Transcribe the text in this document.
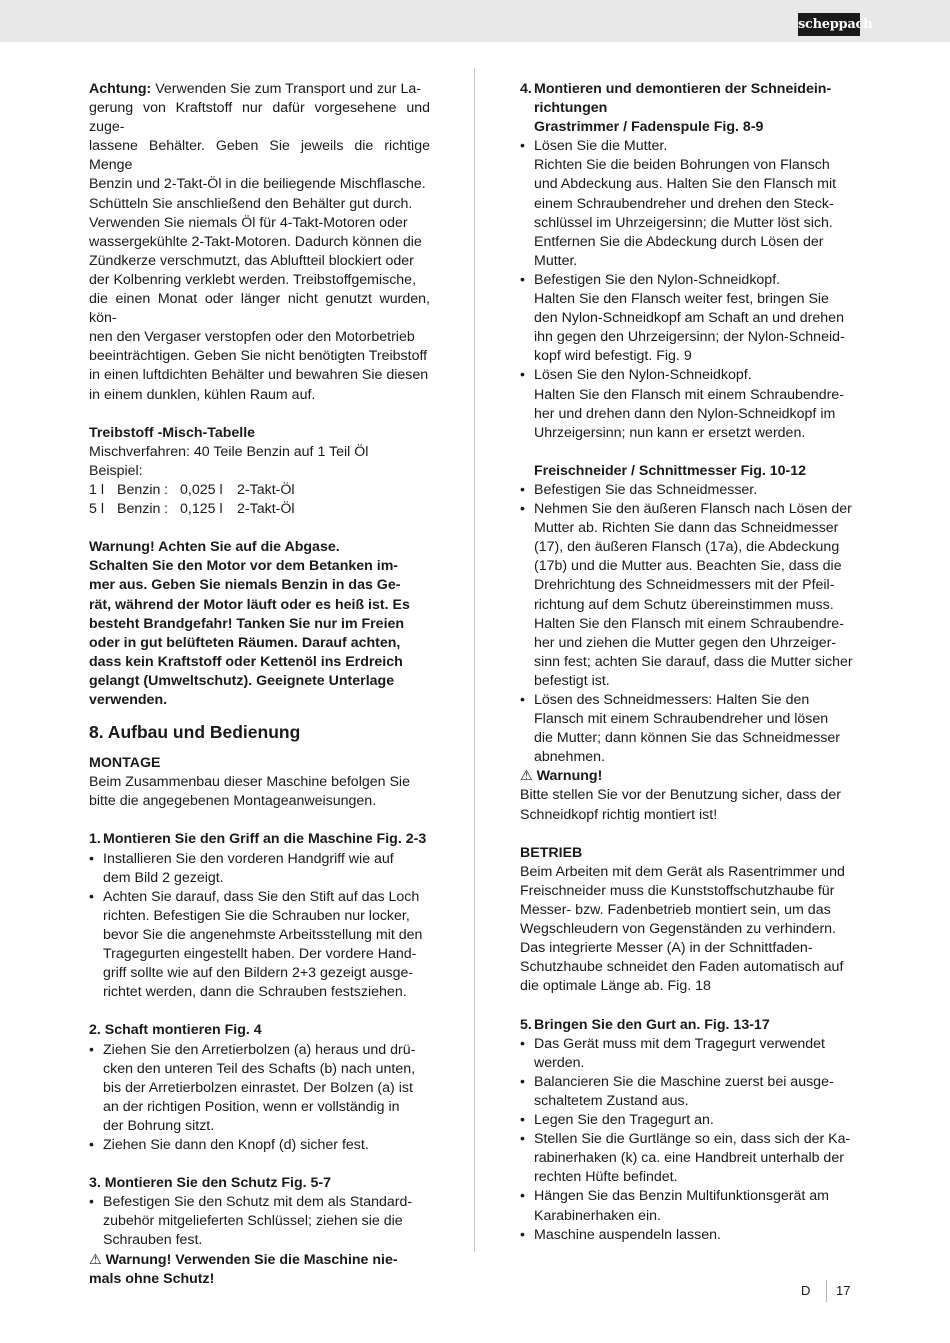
scheppach
Achtung: Verwenden Sie zum Transport und zur La-
gerung von Kraftstoff nur dafür vorgesehene und zuge-
lassene Behälter. Geben Sie jeweils die richtige Menge
Benzin und 2-Takt-Öl in die beiliegende Mischflasche.
Schütteln Sie anschließend den Behälter gut durch.
Verwenden Sie niemals Öl für 4-Takt-Motoren oder
wassergekühlte 2-Takt-Motoren. Dadurch können die
Zündkerze verschmutzt, das Abluftteil blockiert oder
der Kolbenring verklebt werden. Treibstoffgemische,
die einen Monat oder länger nicht genutzt wurden, kön-
nen den Vergaser verstopfen oder den Motorbetrieb
beeinträchtigen. Geben Sie nicht benötigten Treibstoff
in einen luftdichten Behälter und bewahren Sie diesen
in einem dunklen, kühlen Raum auf.
Treibstoff -Misch-Tabelle
Mischverfahren: 40 Teile Benzin auf 1 Teil Öl
Beispiel:
1 l Benzin : 0,025 l	2-Takt-Öl
5 l Benzin : 0,125 l	2-Takt-Öl
Warnung! Achten Sie auf die Abgase.
Schalten Sie den Motor vor dem Betanken im-
mer aus. Geben Sie niemals Benzin in das Ge-
rät, während der Motor läuft oder es heiß ist. Es
besteht Brandgefahr! Tanken Sie nur im Freien
oder in gut belüfteten Räumen. Darauf achten,
dass kein Kraftstoff oder Kettenöl ins Erdreich
gelangt (Umweltschutz). Geeignete Unterlage
verwenden.
8. Aufbau und Bedienung
MONTAGE
Beim Zusammenbau dieser Maschine befolgen Sie
bitte die angegebenen Montageanweisungen.
1. Montieren Sie den Griff an die Maschine Fig. 2-3
• Installieren Sie den vorderen Handgriff wie auf
dem Bild 2 gezeigt.
• Achten Sie darauf, dass Sie den Stift auf das Loch
richten. Befestigen Sie die Schrauben nur locker,
bevor Sie die angenehmste Arbeitsstellung mit den
Tragegurten eingestellt haben. Der vordere Hand-
griff sollte wie auf den Bildern 2+3 gezeigt ausge-
richtet werden, dann die Schrauben festsziehen.
2. Schaft montieren Fig. 4
• Ziehen Sie den Arretierbolzen (a) heraus und drü-
cken den unteren Teil des Schafts (b) nach unten,
bis der Arretierbolzen einrastet. Der Bolzen (a) ist
an der richtigen Position, wenn er vollständig in
der Bohrung sitzt.
• Ziehen Sie dann den Knopf (d) sicher fest.
3. Montieren Sie den Schutz Fig. 5-7
• Befestigen Sie den Schutz mit dem als Standard-
zubehör mitgelieferten Schlüssel; ziehen sie die
Schrauben fest.
⚠ Warnung! Verwenden Sie die Maschine nie-
mals ohne Schutz!
4. Montieren und demontieren der Schneidein-
richtungen
Grastrimmer / Fadenspule Fig. 8-9
• Lösen Sie die Mutter.
Richten Sie die beiden Bohrungen von Flansch
und Abdeckung aus. Halten Sie den Flansch mit
einem Schraubendreher und drehen den Steck-
schlüssel im Uhrzeigersinn; die Mutter löst sich.
Entfernen Sie die Abdeckung durch Lösen der
Mutter.
• Befestigen Sie den Nylon-Schneidkopf.
Halten Sie den Flansch weiter fest, bringen Sie
den Nylon-Schneidkopf am Schaft an und drehen
ihn gegen den Uhrzeigersinn; der Nylon-Schneid-
kopf wird befestigt. Fig. 9
• Lösen Sie den Nylon-Schneidkopf.
Halten Sie den Flansch mit einem Schraubendre-
her und drehen dann den Nylon-Schneidkopf im
Uhrzeigersinn; nun kann er ersetzt werden.
Freischneider / Schnittmesser Fig. 10-12
• Befestigen Sie das Schneidmesser.
• Nehmen Sie den äußeren Flansch nach Lösen der
Mutter ab. Richten Sie dann das Schneidmesser
(17), den äußeren Flansch (17a), die Abdeckung
(17b) und die Mutter aus. Beachten Sie, dass die
Drehrichtung des Schneidmessers mit der Pfeil-
richtung auf dem Schutz übereinstimmen muss.
Halten Sie den Flansch mit einem Schraubendre-
her und ziehen die Mutter gegen den Uhrzeiger-
sinn fest; achten Sie darauf, dass die Mutter sicher
befestigt ist.
• Lösen des Schneidmessers: Halten Sie den
Flansch mit einem Schraubendreher und lösen
die Mutter; dann können Sie das Schneidmesser
abnehmen.
⚠ Warnung!
Bitte stellen Sie vor der Benutzung sicher, dass der
Schneidkopf richtig montiert ist!
BETRIEB
Beim Arbeiten mit dem Gerät als Rasentrimmer und
Freischneider muss die Kunststoffschutzhaube für
Messer- bzw. Fadenbetrieb montiert sein, um das
Wegschleudern von Gegenständen zu verhindern.
Das integrierte Messer (A) in der Schnittfaden-
Schutzhaube schneidet den Faden automatisch auf
die optimale Länge ab. Fig. 18
5. Bringen Sie den Gurt an. Fig. 13-17
• Das Gerät muss mit dem Tragegurt verwendet
werden.
• Balancieren Sie die Maschine zuerst bei ausge-
schaltetem Zustand aus.
• Legen Sie den Tragegurt an.
• Stellen Sie die Gurtlänge so ein, dass sich der Ka-
rabinerhaken (k) ca. eine Handbreit unterhalb der
rechten Hüfte befindet.
• Hängen Sie das Benzin Multifunktionsgerät am
Karabinerhaken ein.
• Maschine auspendeln lassen.
D 17
